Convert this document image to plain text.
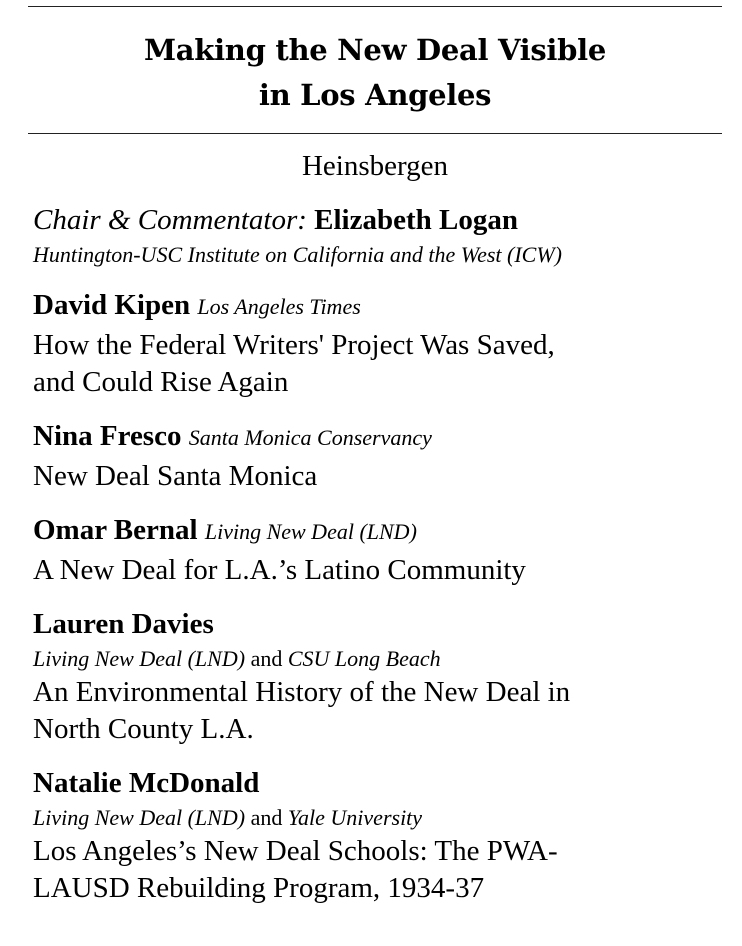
Making the New Deal Visible
in Los Angeles
Heinsbergen
Chair & Commentator: Elizabeth Logan
Huntington-USC Institute on California and the West (ICW)
David Kipen Los Angeles Times
How the Federal Writers' Project Was Saved,
and Could Rise Again
Nina Fresco Santa Monica Conservancy
New Deal Santa Monica
Omar Bernal Living New Deal (LND)
A New Deal for L.A.’s Latino Community
Lauren Davies
Living New Deal (LND) and CSU Long Beach
An Environmental History of the New Deal in
North County L.A.
Natalie McDonald
Living New Deal (LND) and Yale University
Los Angeles’s New Deal Schools: The PWA-
LAUSD Rebuilding Program, 1934-37
